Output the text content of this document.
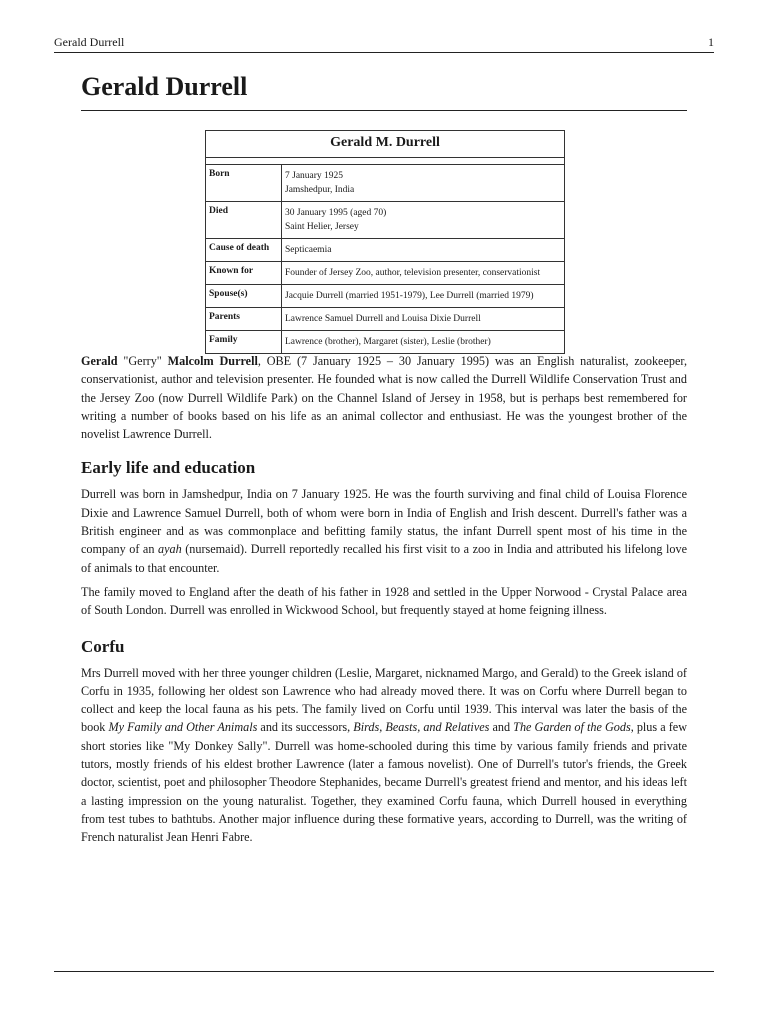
Gerald Durrell	1
Gerald Durrell
Gerald M. Durrell
Born	7 January 1925
Jamshedpur, India
Died	30 January 1995 (aged 70)
Saint Helier, Jersey
Cause of death	Septicaemia
Known for	Founder of Jersey Zoo, author, television presenter, conservationist
Spouse(s)	Jacquie Durrell (married 1951-1979), Lee Durrell (married 1979)
Parents	Lawrence Samuel Durrell and Louisa Dixie Durrell
Family	Lawrence (brother), Margaret (sister), Leslie (brother)

Gerald "Gerry" Malcolm Durrell, OBE (7 January 1925 – 30 January 1995) was an English naturalist, zookeeper, conservationist, author and television presenter. He founded what is now called the Durrell Wildlife Conservation Trust and the Jersey Zoo (now Durrell Wildlife Park) on the Channel Island of Jersey in 1958, but is perhaps best remembered for writing a number of books based on his life as an animal collector and enthusiast. He was the youngest brother of the novelist Lawrence Durrell.

Early life and education

Durrell was born in Jamshedpur, India on 7 January 1925. He was the fourth surviving and final child of Louisa Florence Dixie and Lawrence Samuel Durrell, both of whom were born in India of English and Irish descent. Durrell's father was a British engineer and as was commonplace and befitting family status, the infant Durrell spent most of his time in the company of an ayah (nursemaid). Durrell reportedly recalled his first visit to a zoo in India and attributed his lifelong love of animals to that encounter.

The family moved to England after the death of his father in 1928 and settled in the Upper Norwood - Crystal Palace area of South London. Durrell was enrolled in Wickwood School, but frequently stayed at home feigning illness.

Corfu

Mrs Durrell moved with her three younger children (Leslie, Margaret, nicknamed Margo, and Gerald) to the Greek island of Corfu in 1935, following her oldest son Lawrence who had already moved there. It was on Corfu where Durrell began to collect and keep the local fauna as his pets. The family lived on Corfu until 1939. This interval was later the basis of the book My Family and Other Animals and its successors, Birds, Beasts, and Relatives and The Garden of the Gods, plus a few short stories like "My Donkey Sally". Durrell was home-schooled during this time by various family friends and private tutors, mostly friends of his eldest brother Lawrence (later a famous novelist). One of Durrell's tutor's friends, the Greek doctor, scientist, poet and philosopher Theodore Stephanides, became Durrell's greatest friend and mentor, and his ideas left a lasting impression on the young naturalist. Together, they examined Corfu fauna, which Durrell housed in everything from test tubes to bathtubs. Another major influence during these formative years, according to Durrell, was the writing of French naturalist Jean Henri Fabre.
